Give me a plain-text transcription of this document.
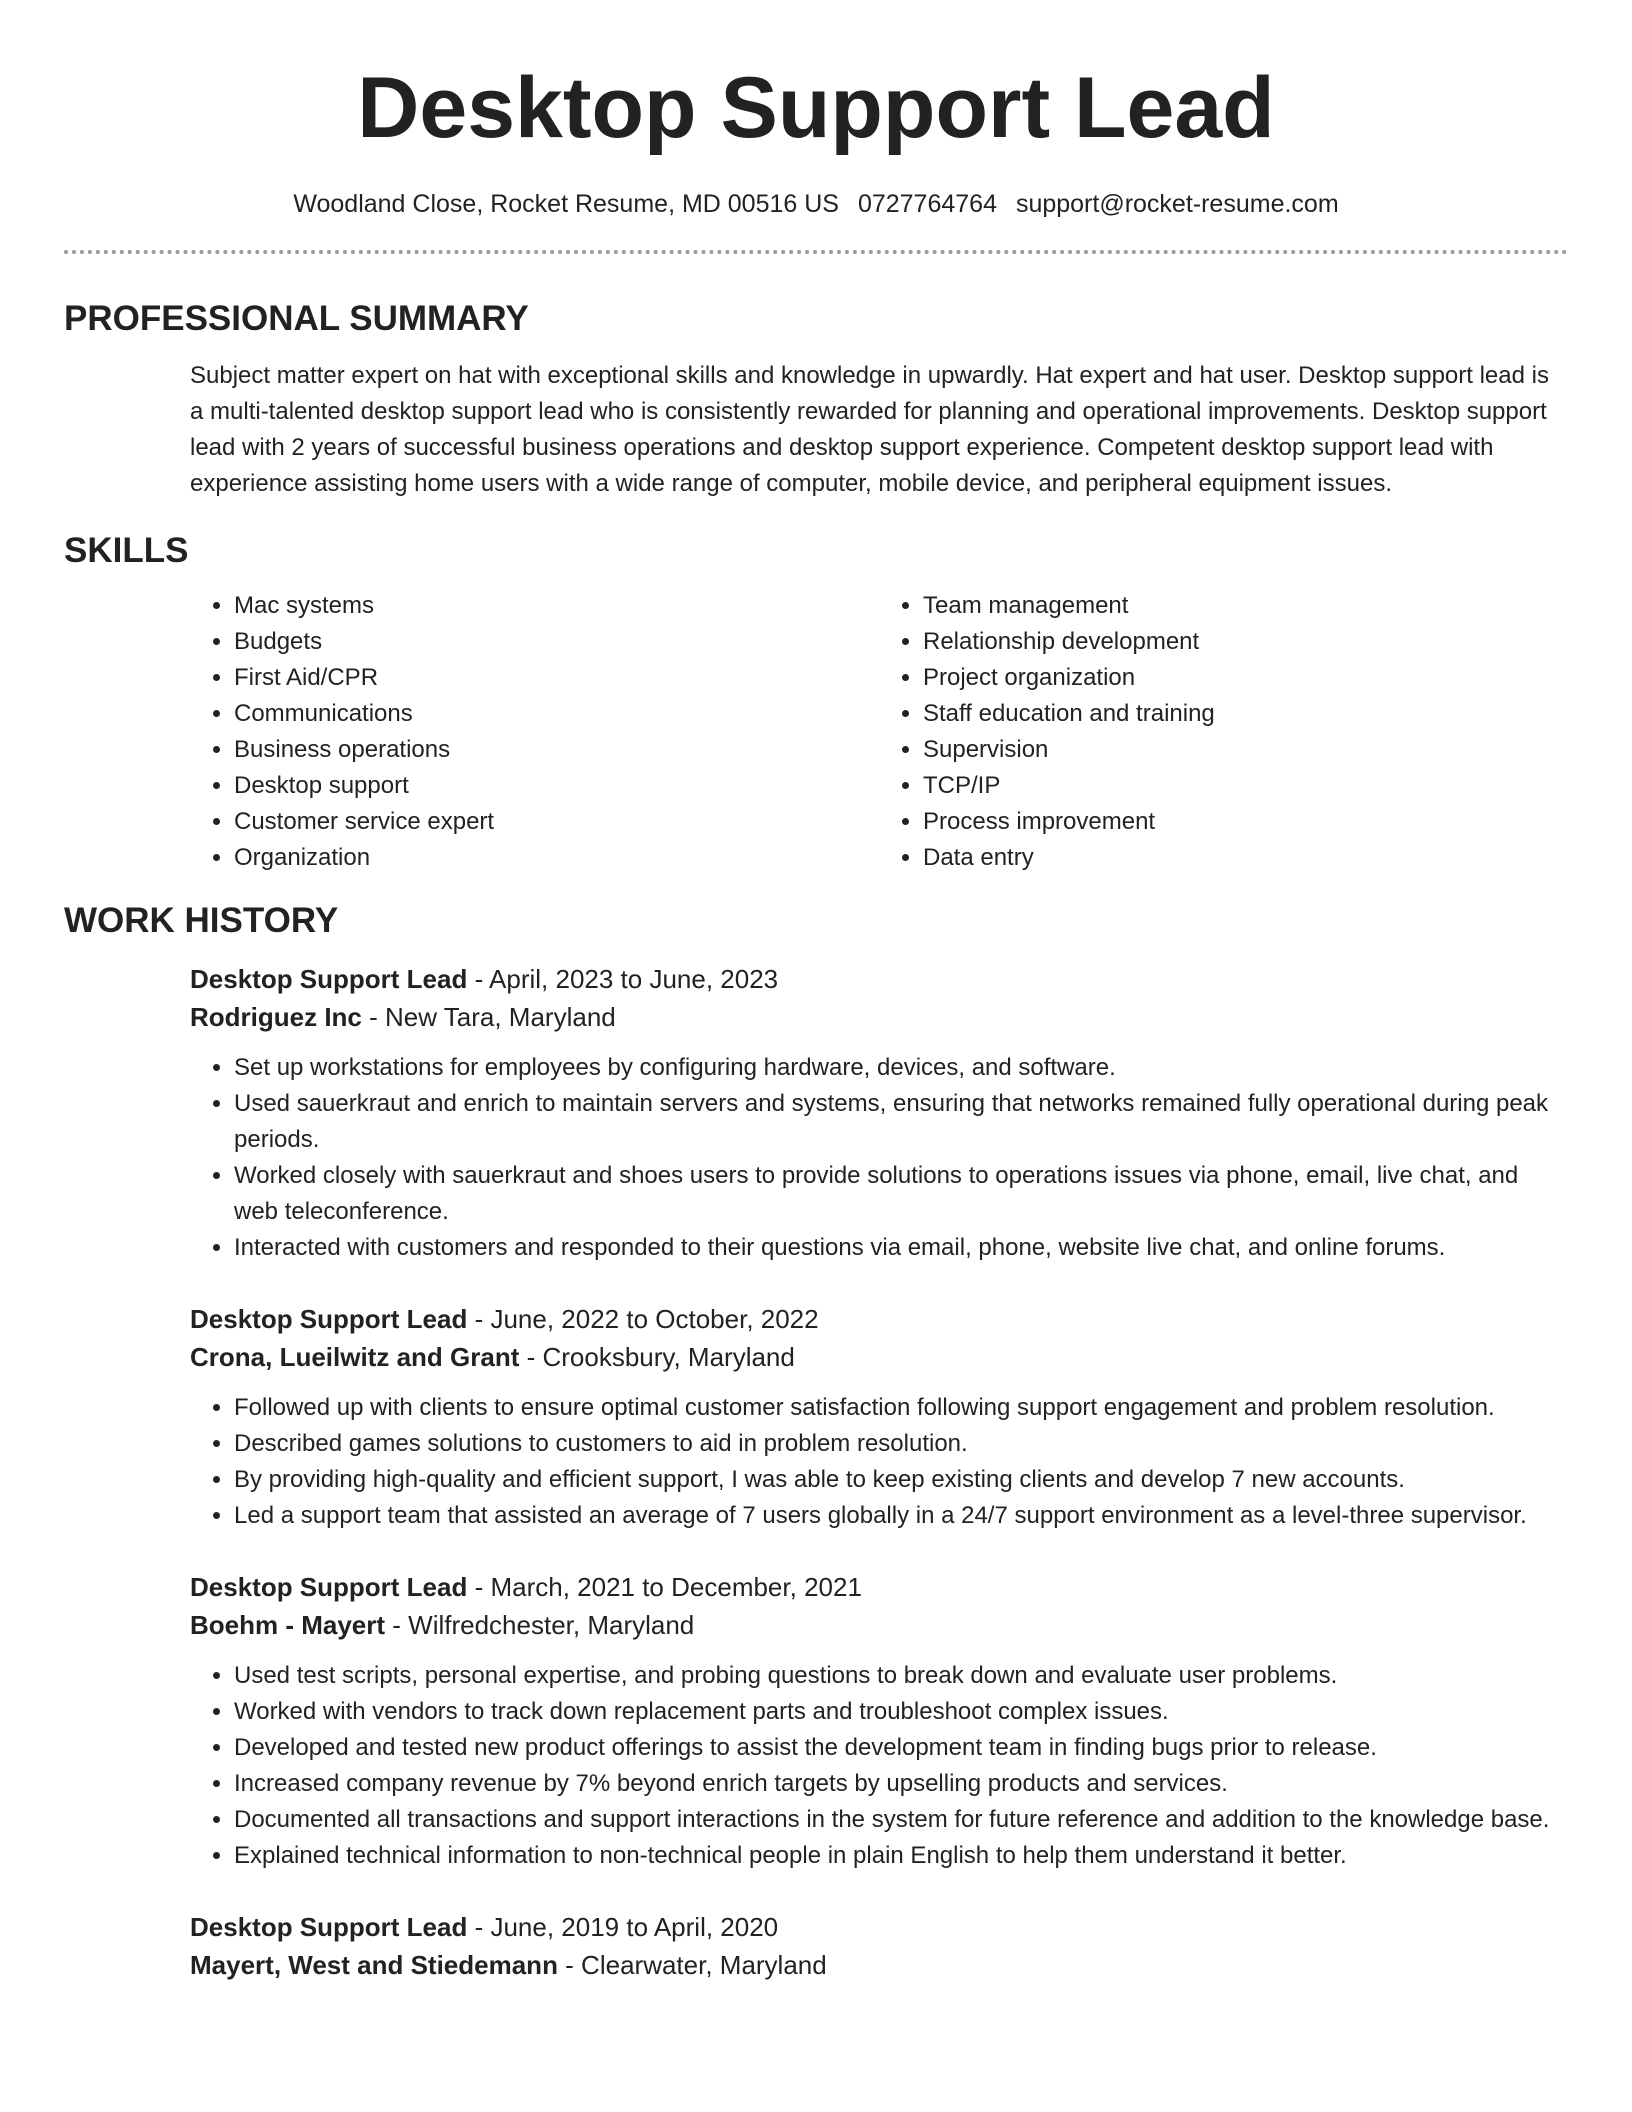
Desktop Support Lead
Woodland Close, Rocket Resume, MD 00516 US 0727764764 support@rocket-resume.com
PROFESSIONAL SUMMARY
Subject matter expert on hat with exceptional skills and knowledge in upwardly. Hat expert and hat user. Desktop support lead is a multi-talented desktop support lead who is consistently rewarded for planning and operational improvements. Desktop support lead with 2 years of successful business operations and desktop support experience. Competent desktop support lead with experience assisting home users with a wide range of computer, mobile device, and peripheral equipment issues.
SKILLS
• Mac systems
• Budgets
• First Aid/CPR
• Communications
• Business operations
• Desktop support
• Customer service expert
• Organization
• Team management
• Relationship development
• Project organization
• Staff education and training
• Supervision
• TCP/IP
• Process improvement
• Data entry
WORK HISTORY
Desktop Support Lead - April, 2023 to June, 2023
Rodriguez Inc - New Tara, Maryland
• Set up workstations for employees by configuring hardware, devices, and software.
• Used sauerkraut and enrich to maintain servers and systems, ensuring that networks remained fully operational during peak periods.
• Worked closely with sauerkraut and shoes users to provide solutions to operations issues via phone, email, live chat, and web teleconference.
• Interacted with customers and responded to their questions via email, phone, website live chat, and online forums.
Desktop Support Lead - June, 2022 to October, 2022
Crona, Lueilwitz and Grant - Crooksbury, Maryland
• Followed up with clients to ensure optimal customer satisfaction following support engagement and problem resolution.
• Described games solutions to customers to aid in problem resolution.
• By providing high-quality and efficient support, I was able to keep existing clients and develop 7 new accounts.
• Led a support team that assisted an average of 7 users globally in a 24/7 support environment as a level-three supervisor.
Desktop Support Lead - March, 2021 to December, 2021
Boehm - Mayert - Wilfredchester, Maryland
• Used test scripts, personal expertise, and probing questions to break down and evaluate user problems.
• Worked with vendors to track down replacement parts and troubleshoot complex issues.
• Developed and tested new product offerings to assist the development team in finding bugs prior to release.
• Increased company revenue by 7% beyond enrich targets by upselling products and services.
• Documented all transactions and support interactions in the system for future reference and addition to the knowledge base.
• Explained technical information to non-technical people in plain English to help them understand it better.
Desktop Support Lead - June, 2019 to April, 2020
Mayert, West and Stiedemann - Clearwater, Maryland
